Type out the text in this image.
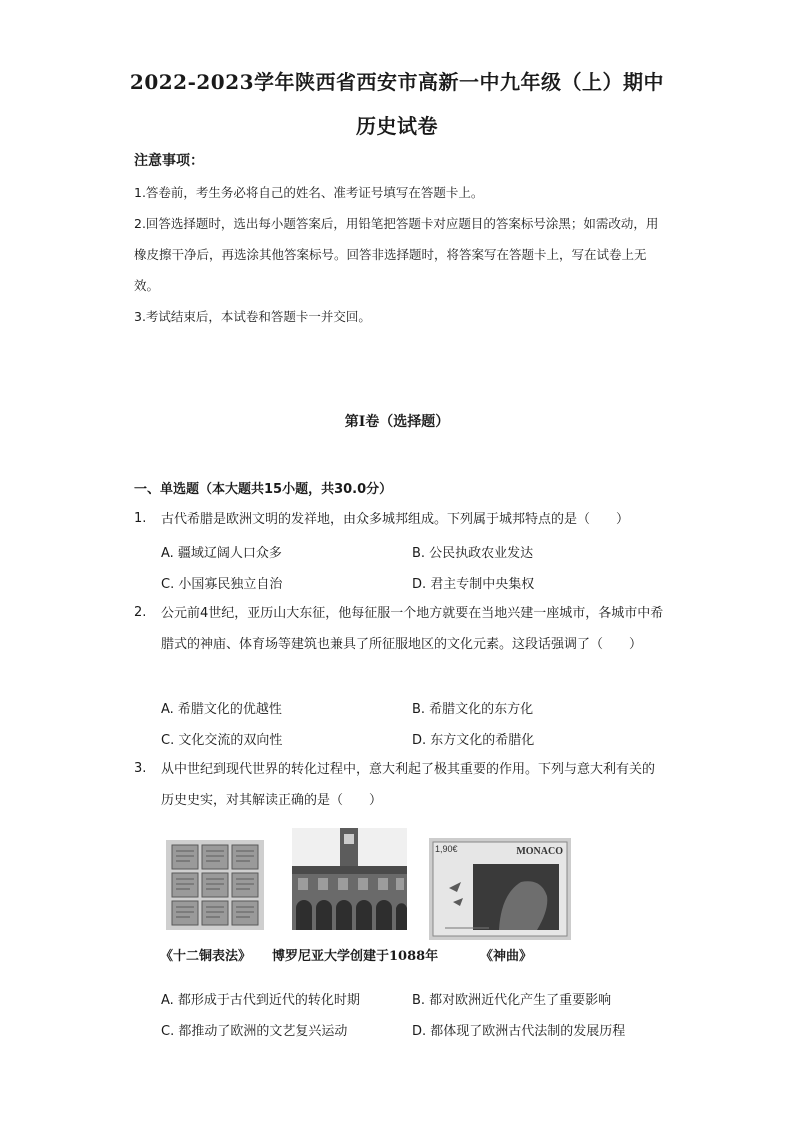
2022-2023学年陕西省西安市高新一中九年级（上）期中
历史试卷
注意事项：
1.答卷前，考生务必将自己的姓名、准考证号填写在答题卡上。
2.回答选择题时，选出每小题答案后，用铅笔把答题卡对应题目的答案标号涂黑；如需改动，用橡皮擦干净后，再选涂其他答案标号。回答非选择题时，将答案写在答题卡上，写在试卷上无效。
3.考试结束后，本试卷和答题卡一并交回。
第Ⅰ卷（选择题）
一、单选题（本大题共15小题，共30.0分）
1. 古代希腊是欧洲文明的发祥地，由众多城邦组成。下列属于城邦特点的是（　　）
A. 疆域辽阔人口众多	B. 公民执政农业发达
C. 小国寡民独立自治	D. 君主专制中央集权
2. 公元前4世纪，亚历山大东征，他每征服一个地方就要在当地兴建一座城市，各城市中希腊式的神庙、体育场等建筑也兼具了所征服地区的文化元素。这段话强调了（　　）
A. 希腊文化的优越性	B. 希腊文化的东方化
C. 文化交流的双向性	D. 东方文化的希腊化
3. 从中世纪到现代世界的转化过程中，意大利起了极其重要的作用。下列与意大利有关的历史史实，对其解读正确的是（　　）
1,90€	MONACO
《十二铜表法》 博罗尼亚大学创建于1088年	《神曲》
A. 都形成于古代到近代的转化时期	B. 都对欧洲近代化产生了重要影响
C. 都推动了欧洲的文艺复兴运动	D. 都体现了欧洲古代法制的发展历程
